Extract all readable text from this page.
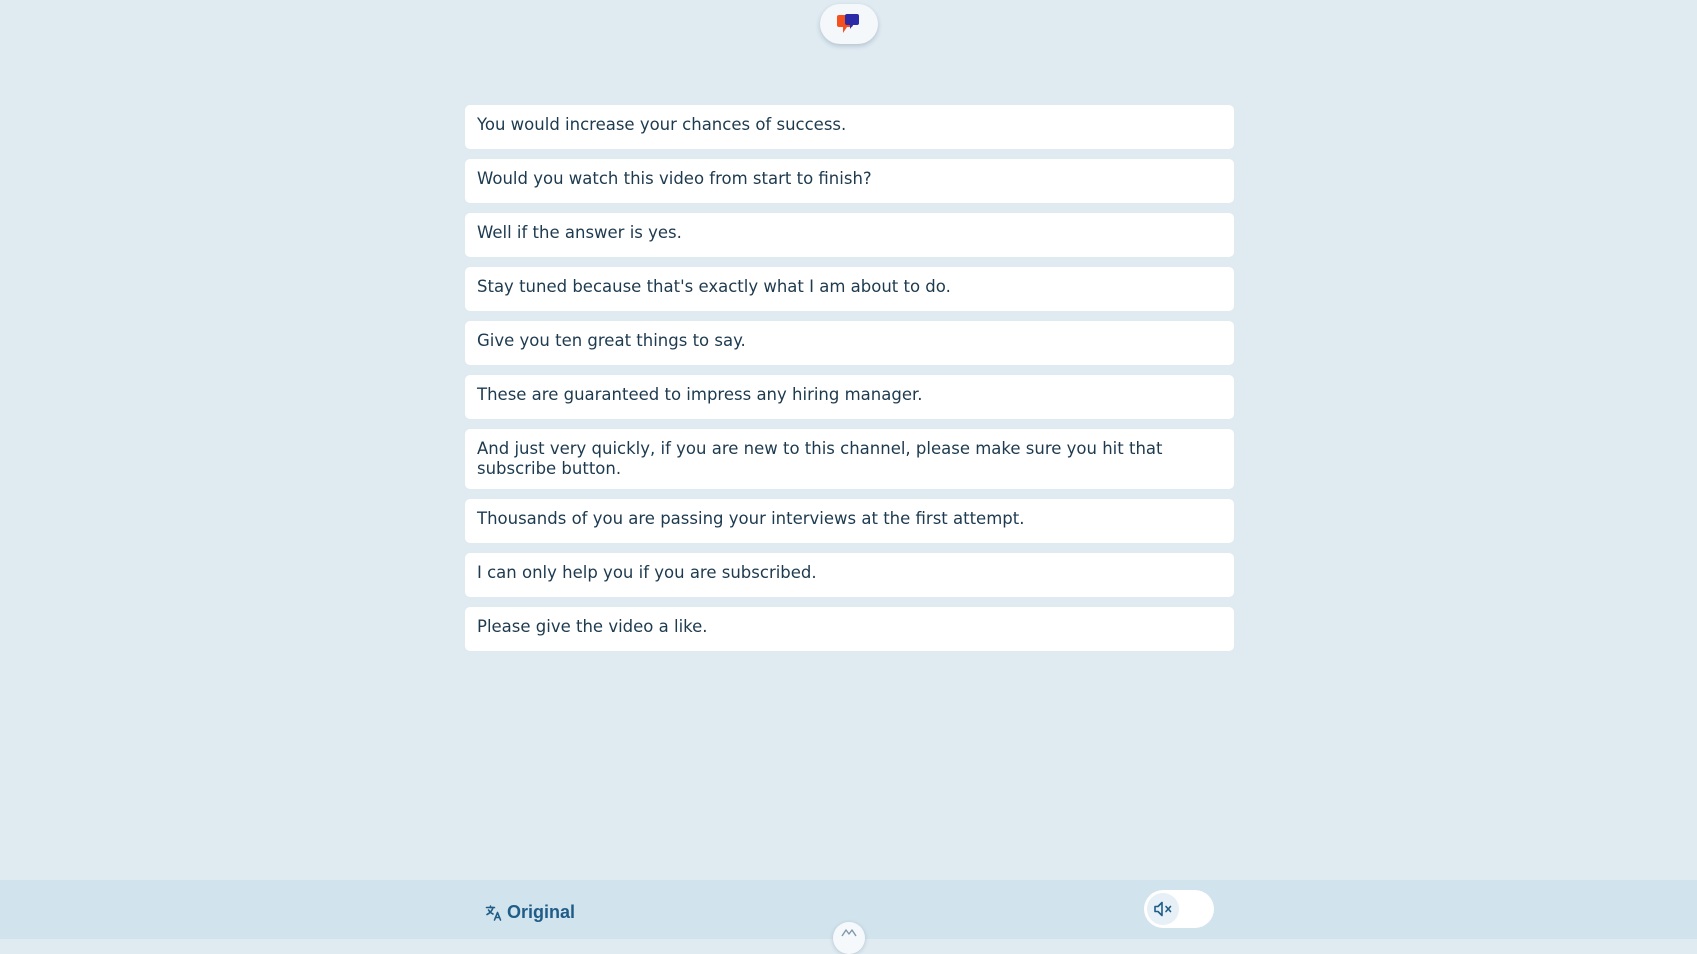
You would increase your chances of success.
Would you watch this video from start to finish?
Well if the answer is yes.
Stay tuned because that's exactly what I am about to do.
Give you ten great things to say.
These are guaranteed to impress any hiring manager.
And just very quickly, if you are new to this channel, please make sure you hit that subscribe button.
Thousands of you are passing your interviews at the first attempt.
I can only help you if you are subscribed.
Please give the video a like.
Original
